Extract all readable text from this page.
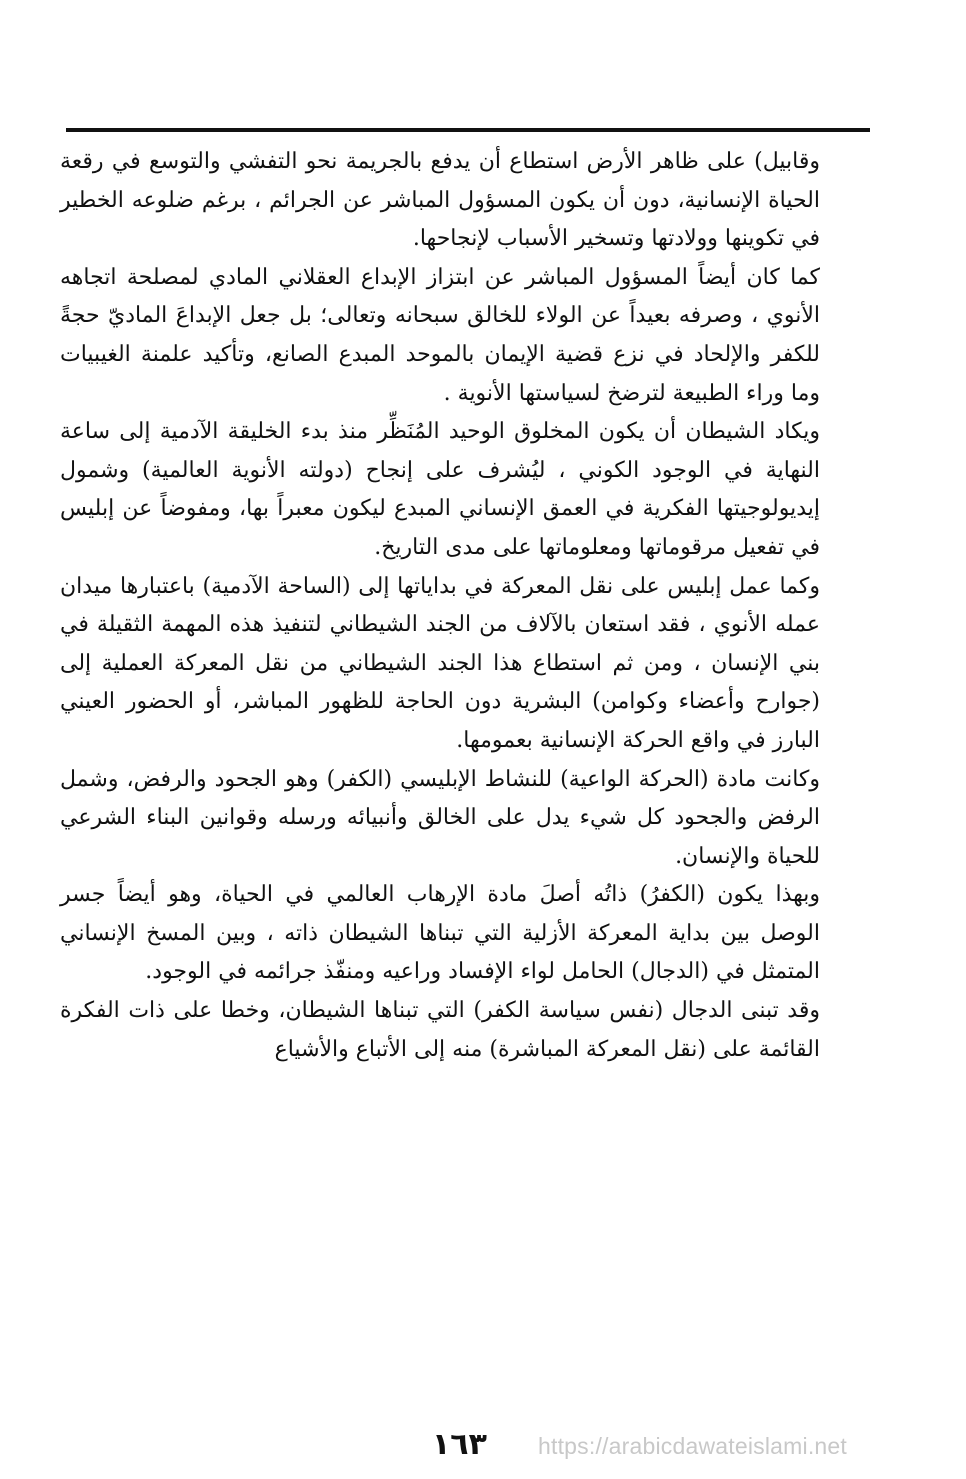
وقابيل) على ظاهر الأرض استطاع أن يدفع بالجريمة نحو التفشي والتوسع في رقعة الحياة الإنسانية، دون أن يكون المسؤول المباشر عن الجرائم ، برغم ضلوعه الخطير في تكوينها وولادتها وتسخير الأسباب لإنجاحها.

كما كان أيضاً المسؤول المباشر عن ابتزاز الإبداع العقلاني المادي لمصلحة اتجاهه الأنوي ، وصرفه بعيداً عن الولاء للخالق سبحانه وتعالى؛ بل جعل الإبداعَ الماديّ حجةً للكفر والإلحاد في نزع قضية الإيمان بالموحد المبدع الصانع، وتأكيد علمنة الغيبيات وما وراء الطبيعة لترضخ لسياستها الأنوية .

ويكاد الشيطان أن يكون المخلوق الوحيد المُنَظِّر منذ بدء الخليقة الآدمية إلى ساعة النهاية في الوجود الكوني ، ليُشرف على إنجاح (دولته الأنوية العالمية) وشمول إيديولوجيتها الفكرية في العمق الإنساني المبدع ليكون معبراً بها، ومفوضاً عن إبليس في تفعيل مرقوماتها ومعلوماتها على مدى التاريخ.

وكما عمل إبليس على نقل المعركة في بداياتها إلى (الساحة الآدمية) باعتبارها ميدان عمله الأنوي ، فقد استعان بالآلاف من الجند الشيطاني لتنفيذ هذه المهمة الثقيلة في بني الإنسان ، ومن ثم استطاع هذا الجند الشيطاني من نقل المعركة العملية إلى (جوارح وأعضاء وكوامن) البشرية دون الحاجة للظهور المباشر، أو الحضور العيني البارز في واقع الحركة الإنسانية بعمومها.

وكانت مادة (الحركة الواعية) للنشاط الإبليسي (الكفر) وهو الجحود والرفض، وشمل الرفض والجحود كل شيء يدل على الخالق وأنبيائه ورسله وقوانين البناء الشرعي للحياة والإنسان.

وبهذا يكون (الكفرُ) ذاتُه أصلَ مادة الإرهاب العالمي في الحياة، وهو أيضاً جسر الوصل بين بداية المعركة الأزلية التي تبناها الشيطان ذاته ، وبين المسخ الإنساني المتمثل في (الدجال) الحامل لواء الإفساد وراعيه ومنفّذ جرائمه في الوجود.

وقد تبنى الدجال (نفس سياسة الكفر) التي تبناها الشيطان، وخطا على ذات الفكرة القائمة على (نقل المعركة المباشرة) منه إلى الأتباع والأشياع

١٦٣ https://arabicdawateislami.net
